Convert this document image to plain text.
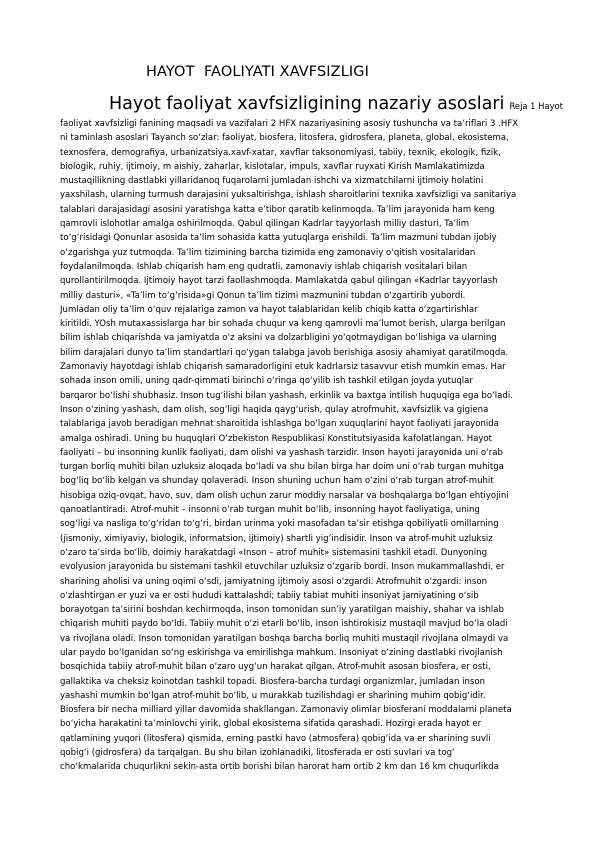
HAYOT  FAOLIYATI XAVFSIZLIGI
Hayot faoliyat xavfsizligining nazariy asoslari Reja 1 Hayot
faoliyat xavfsizligi fanining maqsadi va vazifalari 2 HFX nazariyasining asosiy tushuncha va ta’riflari 3 .HFX
ni taminlash asoslari Tayanch so‘zlar: faoliyat, biosfera, litosfera, gidrosfera, planeta, global, ekosistema,
texnosfera, demografiya, urbanizatsiya.xavf-xatar, xavflar taksonomiyasi, tabiiy, texnik, ekologik, fizik,
biologik, ruhiy, ijtimoiy, m aishiy, zaharlar, kislotalar, impuls, xavflar ruyxati Kirish Mamlakatimizda
mustaqillikning dastlabki yillaridanoq fuqarolarni jumladan ishchi va xizmatchilarni ijtimoiy holatini
yaxshilash, ularning turmush darajasini yuksaltirishga, ishlash sharoitlarini texnika xavfsizligi va sanitariya
talablari darajasidagi asosini yaratishga katta e’tibor qaratib kelinmoqda. Ta’lim jarayonida ham keng
qamrovli islohotlar amalga oshirilmoqda. Qabul qilingan Kadrlar tayyorlash milliy dasturi, Ta’lim
to‘g‘risidagi Qonunlar asosida ta’lim sohasida katta yutuqlarga erishildi. Ta’lim mazmuni tubdan ijobiy
o‘zgarishga yuz tutmoqda. Ta’lim tizimining barcha tizimida eng zamonaviy o‘qitish vositalaridan
foydalanilmoqda. Ishlab chiqarish ham eng qudratli, zamonaviy ishlab chiqarish vositalari bilan
qurollantirilmoqda. Ijtimoiy hayot tarzi faollashmoqda. Mamlakatda qabul qilingan «Kadrlar tayyorlash
milliy dasturi», «Ta’lim to‘g‘risida»gi Qonun ta’lim tizimi mazmunini tubdan o‘zgartirib yubordi.
Jumladan oliy ta’lim o‘quv rejalariga zamon va hayot talablaridan kelib chiqib katta o‘zgartirishlar
kiritildi. YOsh mutaxassislarga har bir sohada chuqur va keng qamrovli ma’lumot berish, ularga berilgan
bilim ishlab chiqarishda va jamiyatda o‘z aksini va dolzarbligini yo‘qotmaydigan bo‘lishiga va ularning
bilim darajalari dunyo ta’lim standartlari qo‘ygan talabga javob berishiga asosiy ahamiyat qaratilmoqda.
Zamonaviy hayotdagi ishlab chiqarish samaradorligini etuk kadrlarsiz tasavvur etish mumkin emas. Har
sohada inson omili, uning qadr-qimmati birinchi o‘ringa qo‘yilib ish tashkil etilgan joyda yutuqlar
barqaror bo‘lishi shubhasiz. Inson tug‘ilishi bilan yashash, erkinlik va baxtga intilish huquqiga ega bo‘ladi.
Inson o‘zining yashash, dam olish, sog‘ligi haqida qayg‘urish, qulay atrofmuhit, xavfsizlik va gigiena
talablariga javob beradigan mehnat sharoitida ishlashga bo‘lgan xuquqlarini hayot faoliyati jarayonida
amalga oshiradi. Uning bu huquqlari O‘zbekiston Respublikasi Konstitutsiyasida kafolatlangan. Hayot
faoliyati – bu insonning kunlik faoliyati, dam olishi va yashash tarzidir. Inson hayoti jarayonida uni o‘rab
turgan borliq muhiti bilan uzluksiz aloqada bo‘ladi va shu bilan birga har doim uni o‘rab turgan muhitga
bog‘liq bo‘lib kelgan va shunday qolaveradi. Inson shuning uchun ham o‘zini o‘rab turgan atrof-muhit
hisobiga oziq-ovqat, havo, suv, dam olish uchun zarur moddiy narsalar va boshqalarga bo‘lgan ehtiyojini
qanoatlantiradi. Atrof-muhit – insonni o‘rab turgan muhit bo‘lib, insonning hayot faoliyatiga, uning
sog‘ligi va nasliga to‘g‘ridan to‘g‘ri, birdan urinma yoki masofadan ta’sir etishga qobiliyatli omillarning
(jismoniy, ximiyaviy, biologik, informatsion, ijtimoiy) shartli yig‘indisidir. Inson va atrof-muhit uzluksiz
o‘zaro ta’sirda bo‘lib, doimiy harakatdagi «Inson – atrof muhit» sistemasini tashkil etadi. Dunyoning
evolyusion jarayonida bu sistemani tashkil etuvchilar uzluksiz o‘zgarib bordi. Inson mukammallashdi, er
sharining aholisi va uning oqimi o‘sdi, jamiyatning ijtimoiy asosi o‘zgardi. Atrofmuhit o‘zgardi: inson
o‘zlashtirgan er yuzi va er osti hududi kattalashdi; tabiiy tabiat muhiti insoniyat jamiyatining o‘sib
borayotgan ta’sirini boshdan kechirmoqda, inson tomonidan sun’iy yaratilgan maishiy, shahar va ishlab
chiqarish muhiti paydo bo‘ldi. Tabiiy muhit o‘zi etarli bo‘lib, inson ishtirokisiz mustaqil mavjud bo‘la oladi
va rivojlana oladi. Inson tomonidan yaratilgan boshqa barcha borliq muhiti mustaqil rivojlana olmaydi va
ular paydo bo‘lganidan so‘ng eskirishga va emirilishga mahkum. Insoniyat o‘zining dastlabki rivojlanish
bosqichida tabiiy atrof-muhit bilan o‘zaro uyg‘un harakat qilgan. Atrof-muhit asosan biosfera, er osti,
gallaktika va cheksiz koinotdan tashkil topadi. Biosfera-barcha turdagi organizmlar, jumladan inson
yashashi mumkin bo‘lgan atrof-muhit bo‘lib, u murakkab tuzilishdagi er sharining muhim qobig‘idir.
Biosfera bir necha milliard yillar davomida shakllangan. Zamonaviy olimlar biosferani moddalarni planeta
bo‘yicha harakatini ta’minlovchi yirik, global ekosistema sifatida qarashadi. Hozirgi erada hayot er
qatlamining yuqori (litosfera) qismida, erning pastki havo (atmosfera) qobig‘ida va er sharining suvli
qobig‘i (gidrosfera) da tarqalgan. Bu shu bilan izohlanadiki, litosferada er osti suvlari va tog‘
cho‘kmalarida chuqurlikni sekin-asta ortib borishi bilan harorat ham ortib 2 km dan 16 km chuqurlikda
